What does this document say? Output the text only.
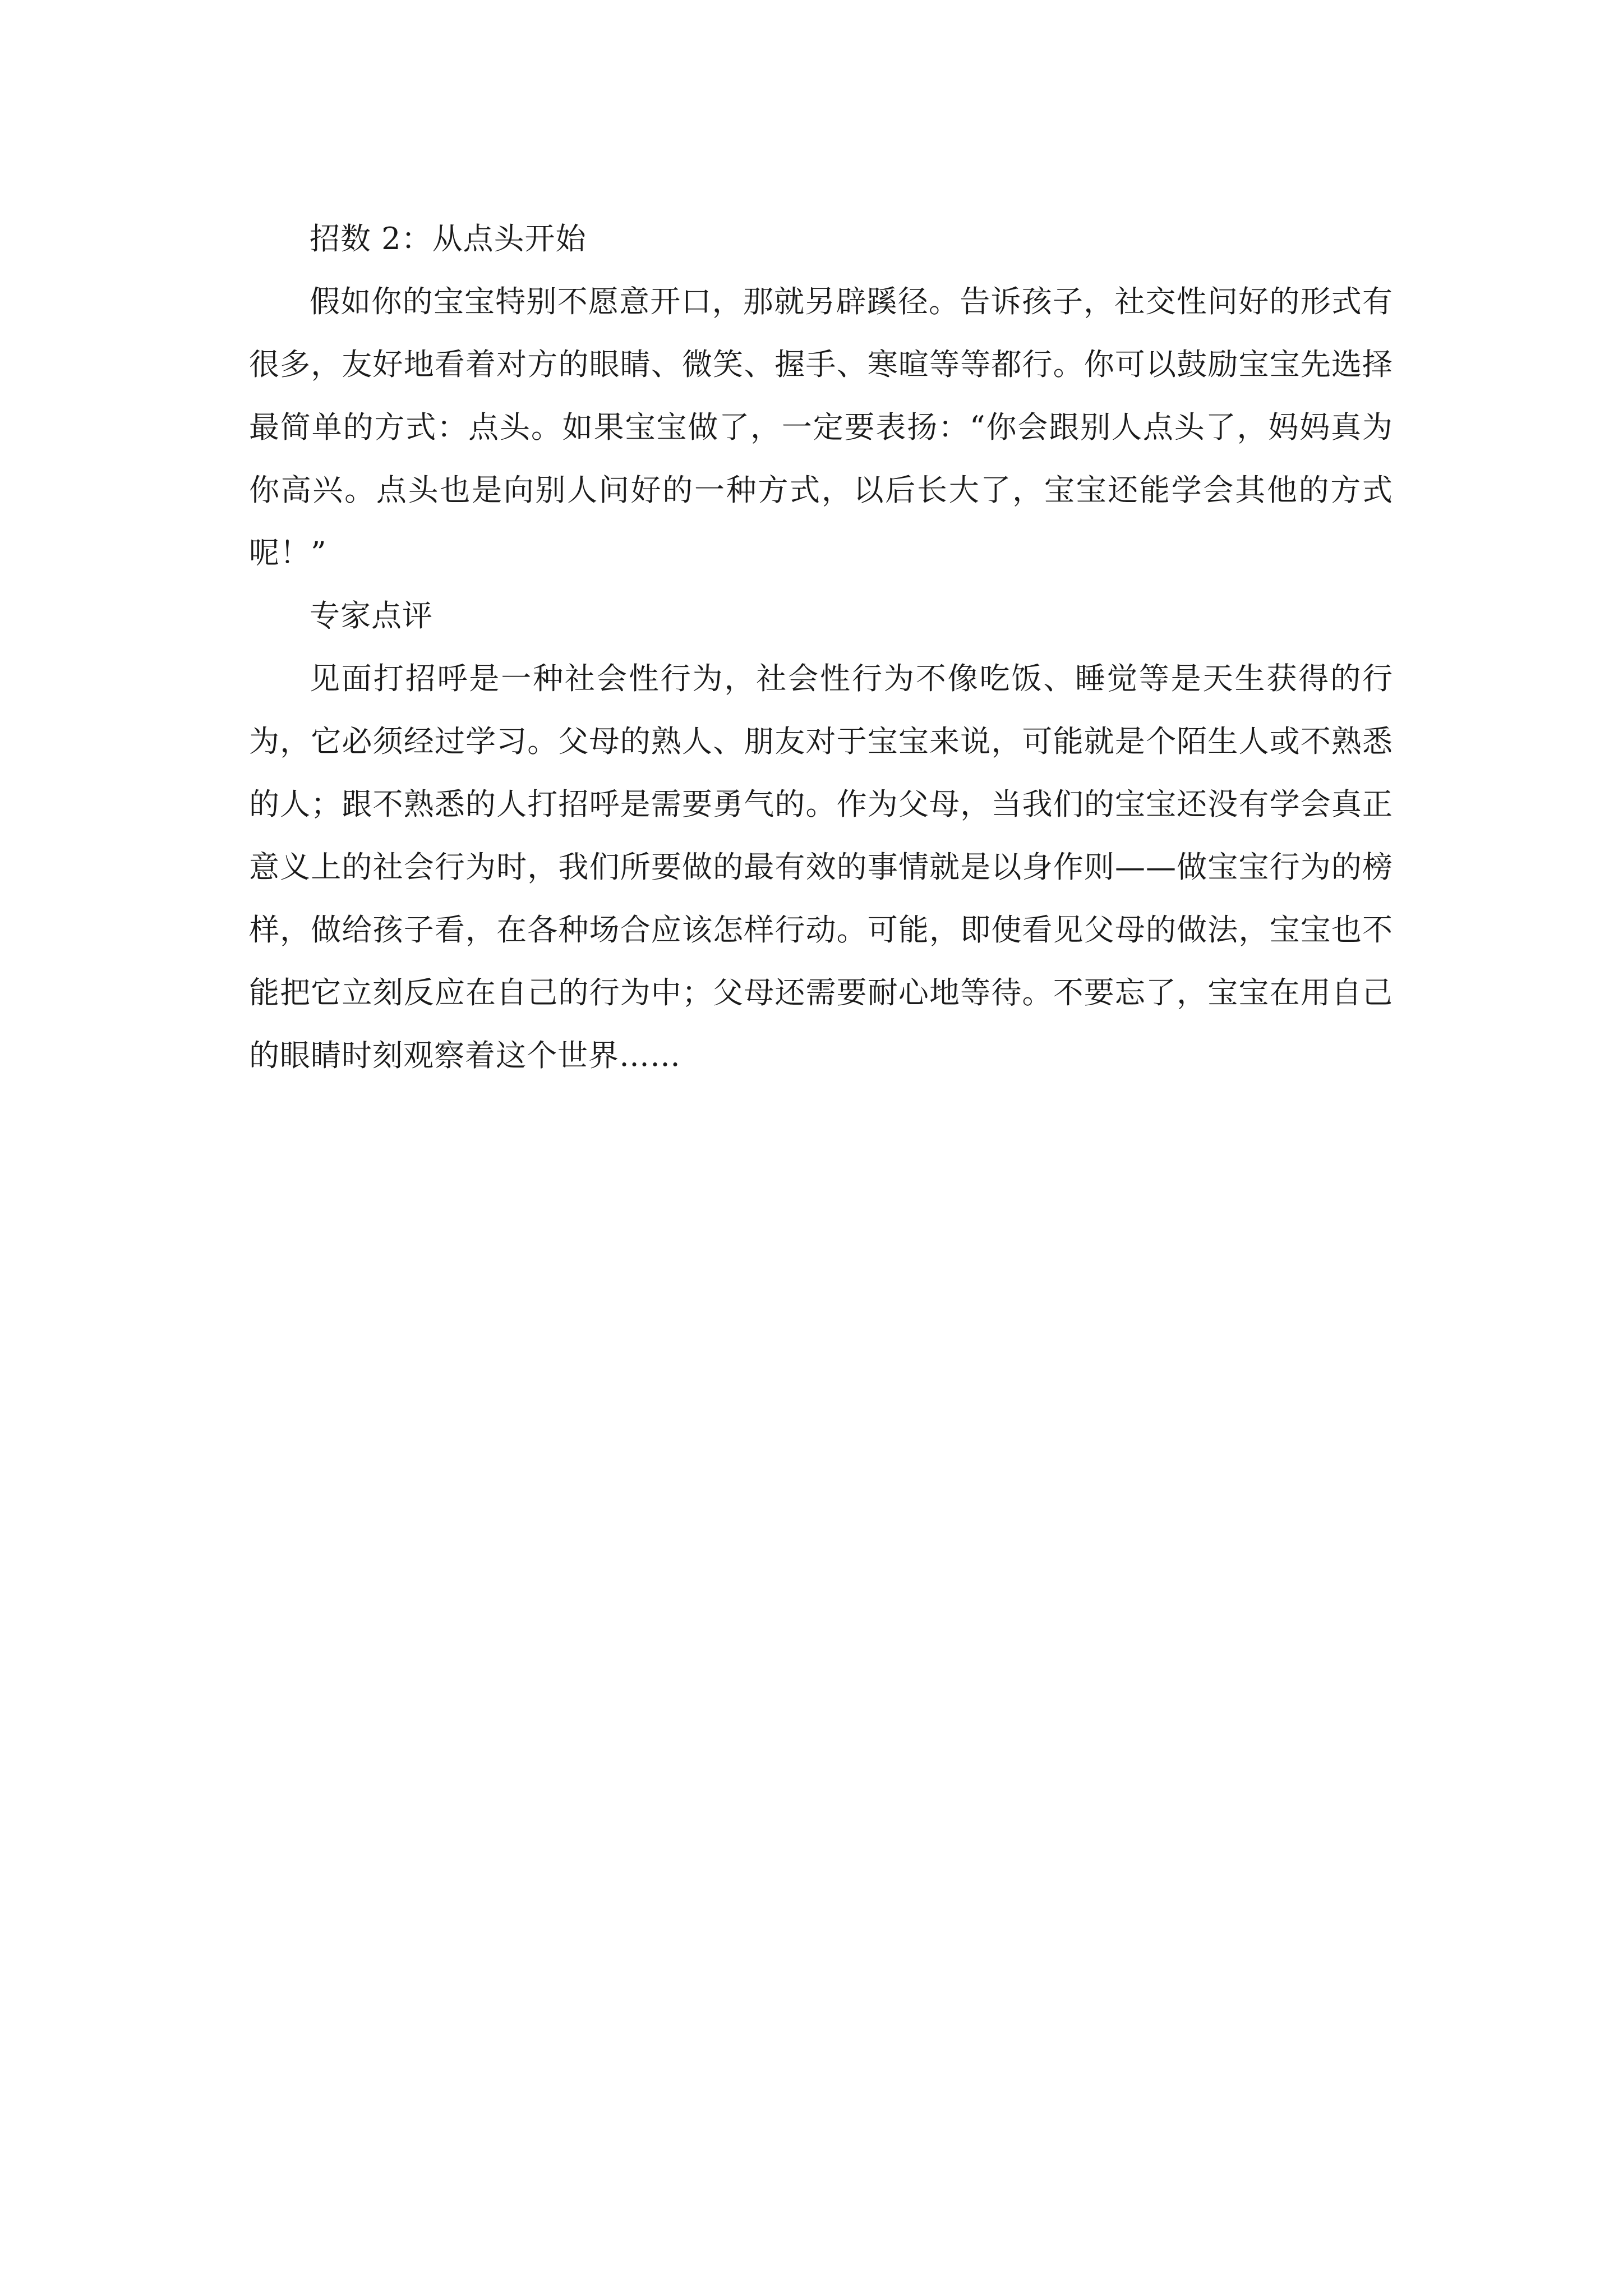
招数 2：从点头开始

假如你的宝宝特别不愿意开口，那就另辟蹊径。告诉孩子，社交性问好的形式有很多，友好地看着对方的眼睛、微笑、握手、寒暄等等都行。你可以鼓励宝宝先选择最简单的方式：点头。如果宝宝做了，一定要表扬：“你会跟别人点头了，妈妈真为你高兴。点头也是向别人问好的一种方式，以后长大了，宝宝还能学会其他的方式呢！”

专家点评

见面打招呼是一种社会性行为，社会性行为不像吃饭、睡觉等是天生获得的行为，它必须经过学习。父母的熟人、朋友对于宝宝来说，可能就是个陌生人或不熟悉的人；跟不熟悉的人打招呼是需要勇气的。作为父母，当我们的宝宝还没有学会真正意义上的社会行为时，我们所要做的最有效的事情就是以身作则——做宝宝行为的榜样，做给孩子看，在各种场合应该怎样行动。可能，即使看见父母的做法，宝宝也不能把它立刻反应在自己的行为中；父母还需要耐心地等待。不要忘了，宝宝在用自己的眼睛时刻观察着这个世界……
